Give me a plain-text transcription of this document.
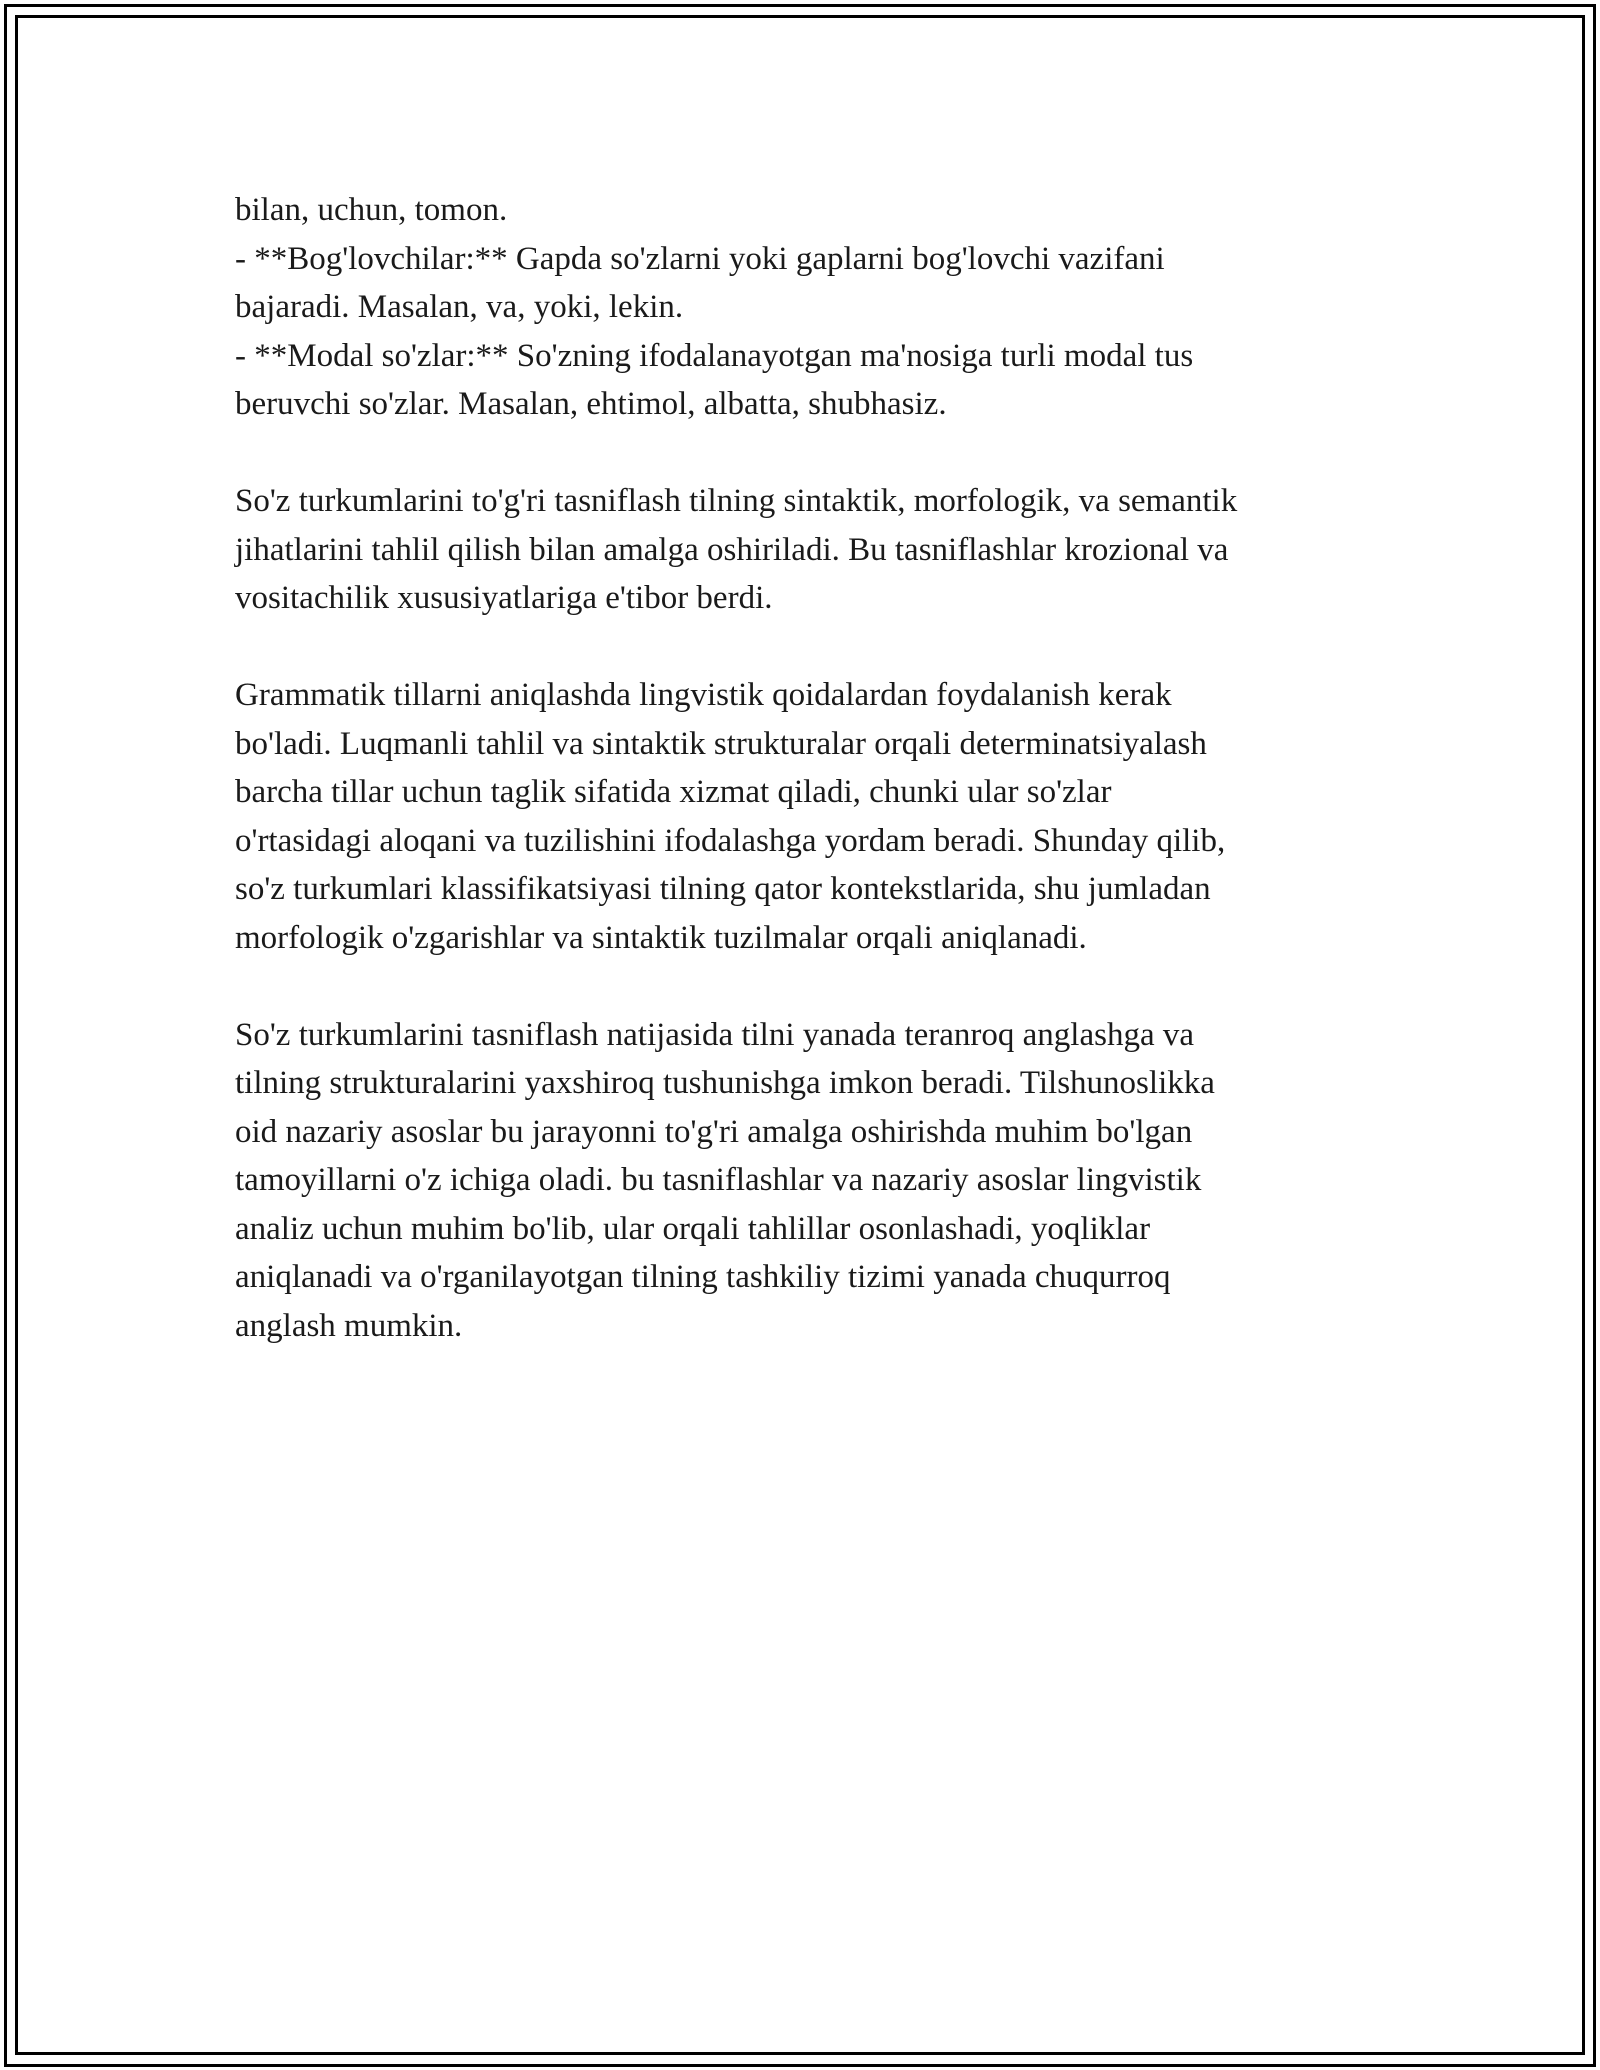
bilan, uchun, tomon.
- **Bog'lovchilar:** Gapda so'zlarni yoki gaplarni bog'lovchi vazifani
bajaradi. Masalan, va, yoki, lekin.
- **Modal so'zlar:** So'zning ifodalanayotgan ma'nosiga turli modal tus
beruvchi so'zlar. Masalan, ehtimol, albatta, shubhasiz.
So'z turkumlarini to'g'ri tasniflash tilning sintaktik, morfologik, va semantik
jihatlarini tahlil qilish bilan amalga oshiriladi. Bu tasniflashlar krozional va
vositachilik xususiyatlariga e'tibor berdi.
Grammatik tillarni aniqlashda lingvistik qoidalardan foydalanish kerak
bo'ladi. Luqmanli tahlil va sintaktik strukturalar orqali determinatsiyalash
barcha tillar uchun taglik sifatida xizmat qiladi, chunki ular so'zlar
o'rtasidagi aloqani va tuzilishini ifodalashga yordam beradi. Shunday qilib,
so'z turkumlari klassifikatsiyasi tilning qator kontekstlarida, shu jumladan
morfologik o'zgarishlar va sintaktik tuzilmalar orqali aniqlanadi.
So'z turkumlarini tasniflash natijasida tilni yanada teranroq anglashga va
tilning strukturalarini yaxshiroq tushunishga imkon beradi. Tilshunoslikka
oid nazariy asoslar bu jarayonni to'g'ri amalga oshirishda muhim bo'lgan
tamoyillarni o'z ichiga oladi. bu tasniflashlar va nazariy asoslar lingvistik
analiz uchun muhim bo'lib, ular orqali tahlillar osonlashadi, yoqliklar
aniqlanadi va o'rganilayotgan tilning tashkiliy tizimi yanada chuqurroq
anglash mumkin.
